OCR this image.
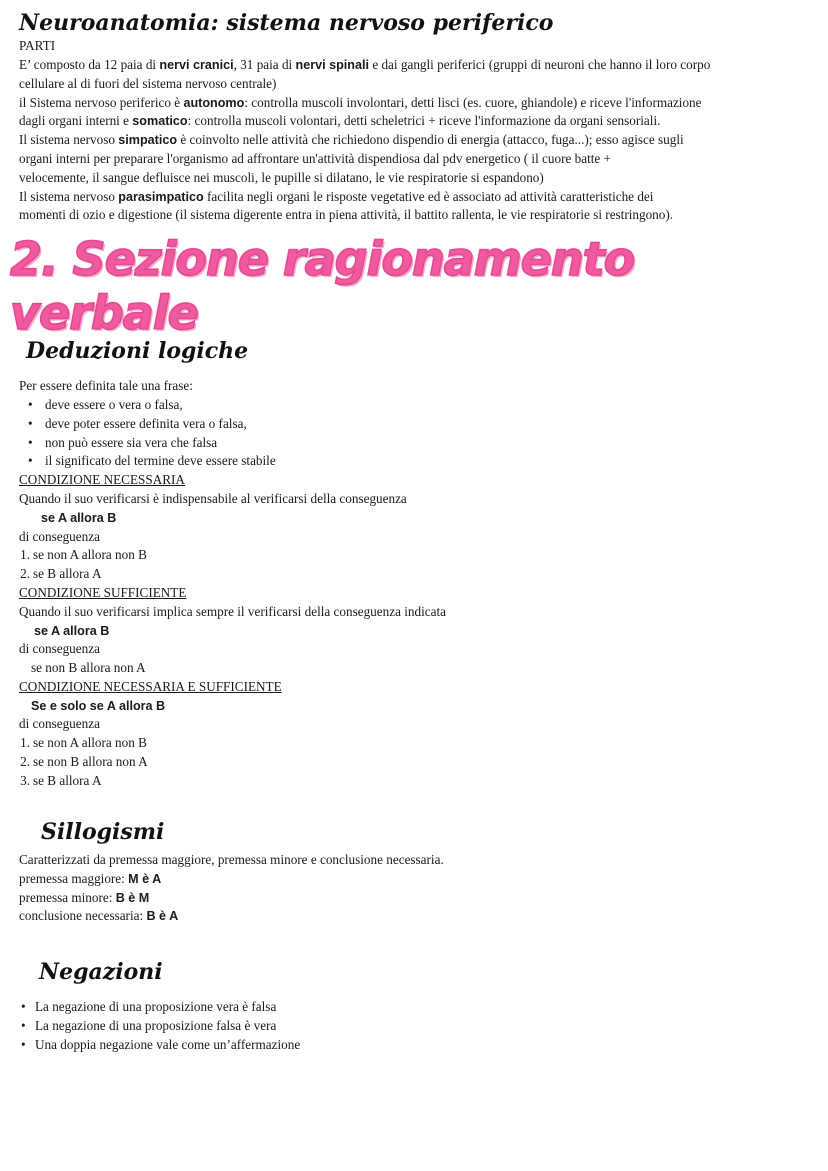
Neuroanatomia: sistema nervoso periferico
PARTI
E’ composto da 12 paia di nervi cranici, 31 paia di nervi spinali e dai gangli periferici (gruppi di neuroni che hanno il loro corpo
cellulare al di fuori del sistema nervoso centrale)
il Sistema nervoso periferico è autonomo: controlla muscoli involontari, detti lisci (es. cuore, ghiandole) e riceve l'informazione
dagli organi interni e somatico: controlla muscoli volontari, detti scheletrici + riceve l'informazione da organi sensoriali.
Il sistema nervoso simpatico è coinvolto nelle attività che richiedono dispendio di energia (attacco, fuga...); esso agisce sugli
organi interni per preparare l'organismo ad affrontare un'attività dispendiosa dal pdv energetico ( il cuore batte +
velocemente, il sangue defluisce nei muscoli, le pupille si dilatano, le vie respiratorie si espandono)
Il sistema nervoso parasimpatico facilita negli organi le risposte vegetative ed è associato ad attività caratteristiche dei
momenti di ozio e digestione (il sistema digerente entra in piena attività, il battito rallenta, le vie respiratorie si restringono).
2. Sezione ragionamento verbale
Deduzioni logiche
Per essere definita tale una frase:
• deve essere o vera o falsa,
• deve poter essere definita vera o falsa,
• non può essere sia vera che falsa
• il significato del termine deve essere stabile
CONDIZIONE NECESSARIA
Quando il suo verificarsi è indispensabile al verificarsi della conseguenza
se A allora B
di conseguenza
1. se non A allora non B
2. se B allora A
CONDIZIONE SUFFICIENTE
Quando il suo verificarsi implica sempre il verificarsi della conseguenza indicata
se A allora B
di conseguenza
se non B allora non A
CONDIZIONE NECESSARIA E SUFFICIENTE
Se e solo se A allora B
di conseguenza
1. se non A allora non B
2. se non B allora non A
3. se B allora A
Sillogismi
Caratterizzati da premessa maggiore, premessa minore e conclusione necessaria.
premessa maggiore: M è A
premessa minore: B è M
conclusione necessaria: B è A
Negazioni
• La negazione di una proposizione vera è falsa
• La negazione di una proposizione falsa è vera
• Una doppia negazione vale come un’affermazione
